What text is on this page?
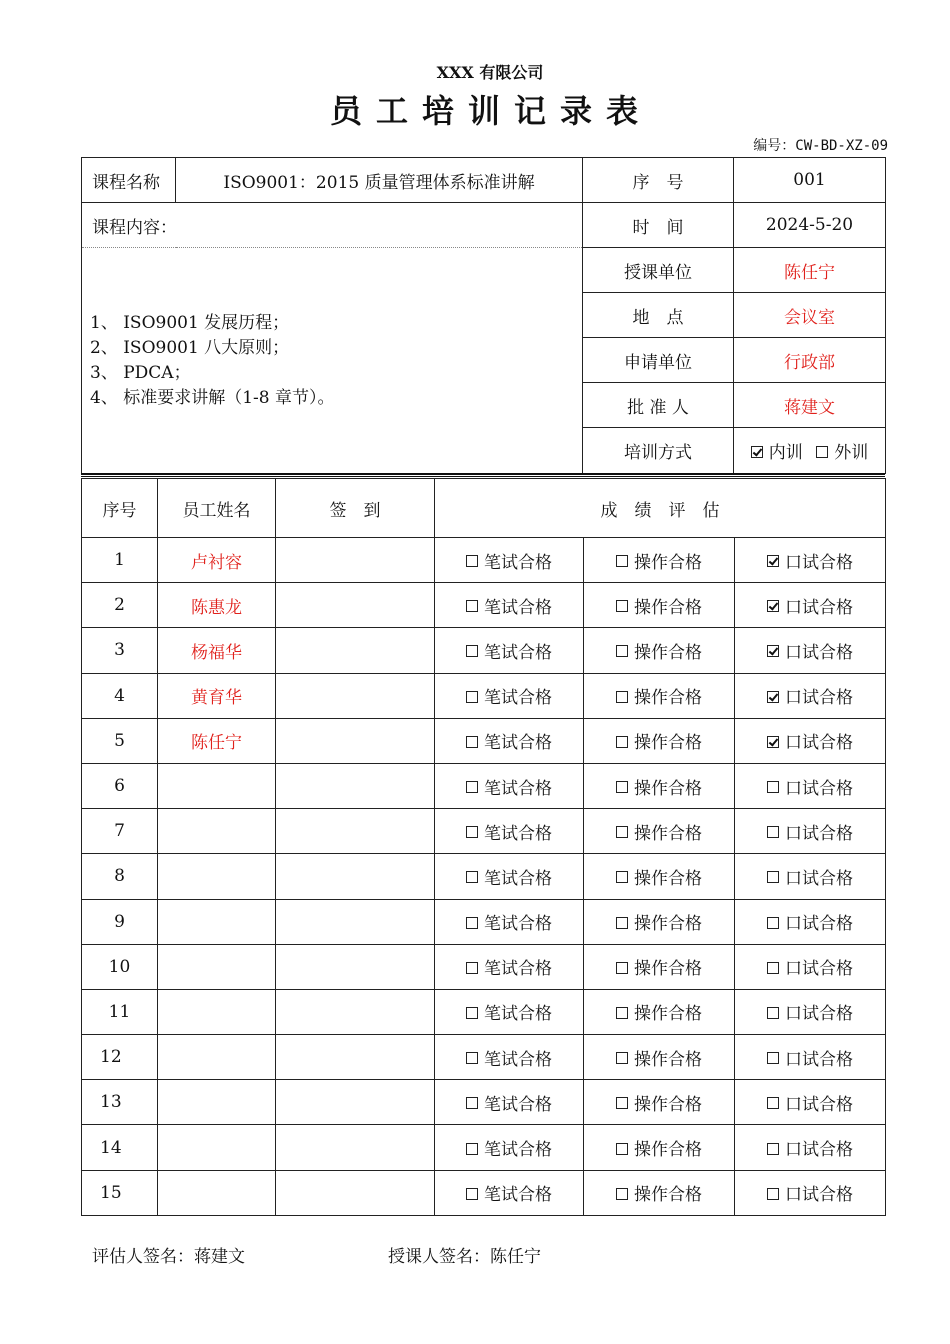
XXX 有限公司
员工培训记录表
编号：CW-BD-XZ-09
课程名称	ISO9001：2015 质量管理体系标准讲解	序　号	001
课程内容：		时　间	2024-5-20

1、 ISO9001 发展历程；
2、 ISO9001 八大原则；
3、 PDCA；
4、 标准要求讲解（1-8 章节）。		授课单位	陈任宁
		地　点	会议室
		申请单位	行政部
		批 准 人	蒋建文
		培训方式	内训 外训
序号	员工姓名	签　到	成　绩　评　估		
1	卢衬容		笔试合格	操作合格	口试合格
2	陈惠龙		笔试合格	操作合格	口试合格
3	杨福华		笔试合格	操作合格	口试合格
4	黄育华		笔试合格	操作合格	口试合格
5	陈任宁		笔试合格	操作合格	口试合格
6			笔试合格	操作合格	口试合格
7			笔试合格	操作合格	口试合格
8			笔试合格	操作合格	口试合格
9			笔试合格	操作合格	口试合格
10			笔试合格	操作合格	口试合格
11			笔试合格	操作合格	口试合格
12			笔试合格	操作合格	口试合格
13			笔试合格	操作合格	口试合格
14			笔试合格	操作合格	口试合格
15			笔试合格	操作合格	口试合格
评估人签名：蒋建文	授课人签名：陈任宁
